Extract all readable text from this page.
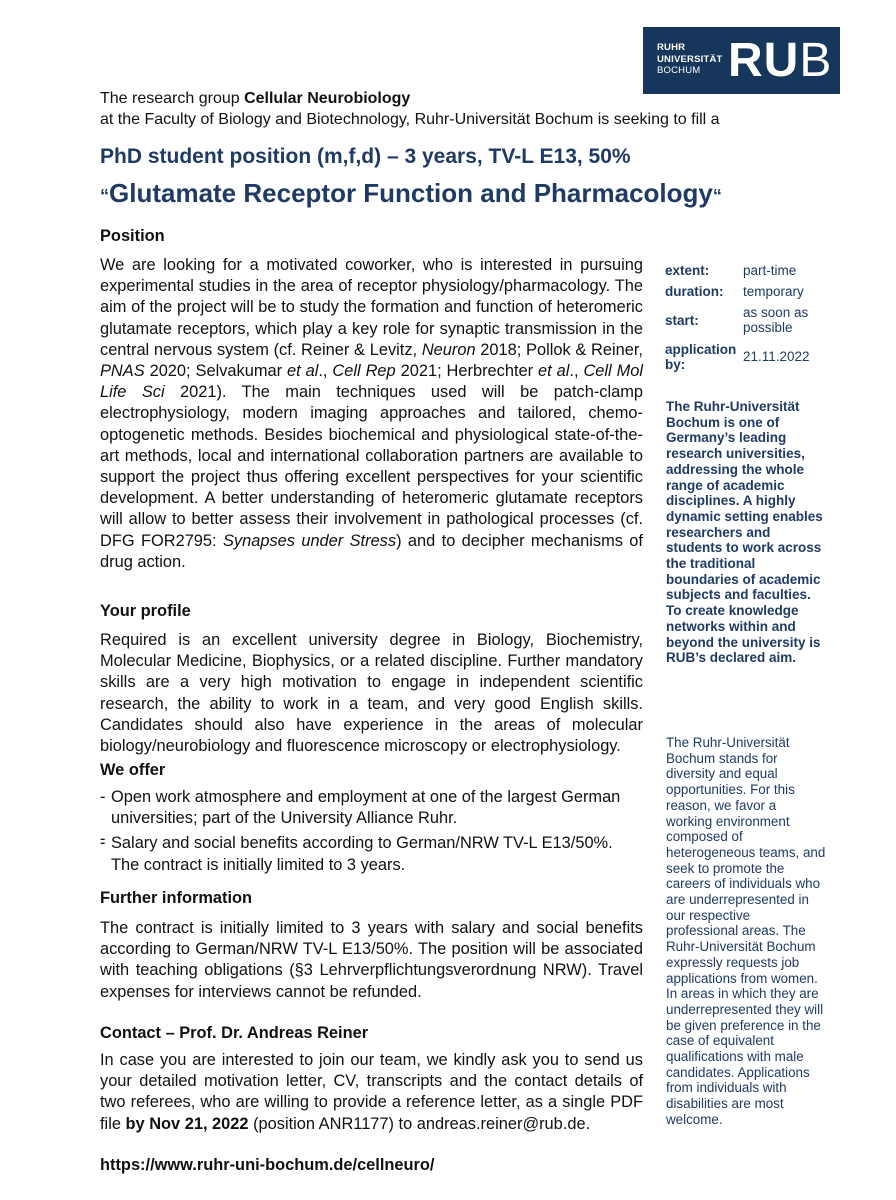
RUHR
UNIVERSITÄT
BOCHUM RUB
The research group Cellular Neurobiology
at the Faculty of Biology and Biotechnology, Ruhr-Universität Bochum is seeking to fill a
PhD student position (m,f,d) – 3 years, TV-L E13, 50%
“Glutamate Receptor Function and Pharmacology“
Position

We are looking for a motivated coworker, who is interested in pursuing experimental studies in the area of receptor physiology/pharmacology. The aim of the project will be to study the formation and function of heteromeric glutamate receptors, which play a key role for synaptic transmission in the central nervous system (cf. Reiner & Levitz, Neuron 2018; Pollok & Reiner, PNAS 2020; Selvakumar et al., Cell Rep 2021; Herbrechter et al., Cell Mol Life Sci 2021). The main techniques used will be patch-clamp electrophysiology, modern imaging approaches and tailored, chemo-optogenetic methods. Besides biochemical and physiological state-of-the-art methods, local and international collaboration partners are available to support the project thus offering excellent perspectives for your scientific development. A better understanding of heteromeric glutamate receptors will allow to better assess their involvement in pathological processes (cf. DFG FOR2795: Synapses under Stress) and to decipher mechanisms of drug action.

Your profile

Required is an excellent university degree in Biology, Biochemistry, Molecular Medicine, Biophysics, or a related discipline. Further mandatory skills are a very high motivation to engage in independent scientific research, the ability to work in a team, and very good English skills. Candidates should also have experience in the areas of molecular biology/neurobiology and fluorescence microscopy or electrophysiology.

We offer
- Open work atmosphere and employment at one of the largest German universities; part of the University Alliance Ruhr.
-
- Salary and social benefits according to German/NRW TV-L E13/50%. The contract is initially limited to 3 years.
Further information

The contract is initially limited to 3 years with salary and social benefits according to German/NRW TV-L E13/50%. The position will be associated with teaching obligations (§3 Lehrverpflichtungsverordnung NRW). Travel expenses for interviews cannot be refunded.

Contact – Prof. Dr. Andreas Reiner

In case you are interested to join our team, we kindly ask you to send us your detailed motivation letter, CV, transcripts and the contact details of two referees, who are willing to provide a reference letter, as a single PDF file by Nov 21, 2022 (position ANR1177) to andreas.reiner@rub.de.

https://www.ruhr-uni-bochum.de/cellneuro/
extent:	part-time
duration:	temporary
start:
as soon as possible
application by:
21.11.2022
The Ruhr-Universität Bochum is one of Germany’s leading research universities, addressing the whole range of academic disciplines. A highly dynamic setting enables researchers and students to work across the traditional boundaries of academic subjects and faculties. To create knowledge networks within and beyond the university is RUB’s declared aim.
The Ruhr-Universität Bochum stands for diversity and equal opportunities. For this reason, we favor a working environment composed of heterogeneous teams, and seek to promote the careers of individuals who are underrepresented in our respective professional areas. The Ruhr-Universität Bochum expressly requests job applications from women. In areas in which they are underrepresented they will be given preference in the case of equivalent qualifications with male candidates. Applications from individuals with disabilities are most welcome.
